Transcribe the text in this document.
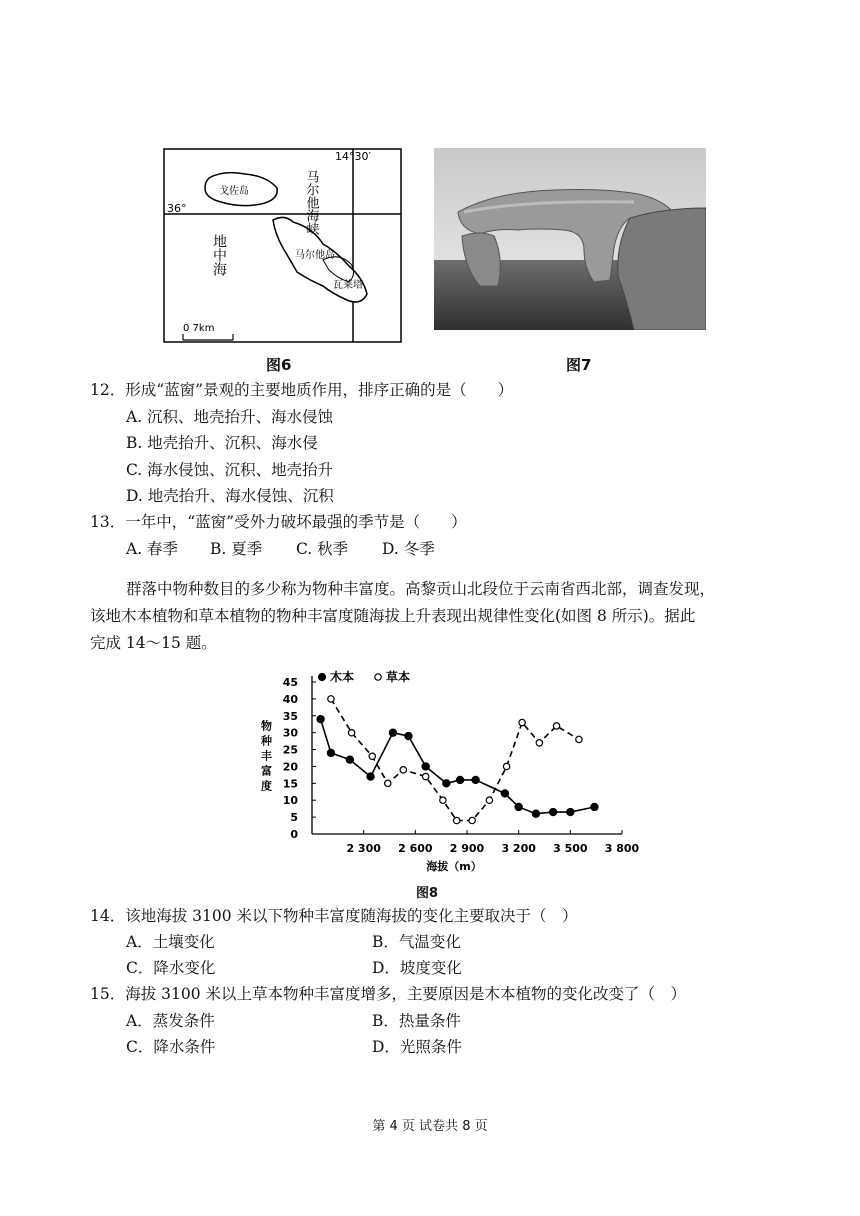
0 7km
14°30′
36°
戈佐岛
马尔他岛
瓦莱塔
地中海
马尔他海峡
图6	图7
12．形成“蓝窗”景观的主要地质作用，排序正确的是（　　）
A. 沉积、地壳抬升、海水侵蚀
B. 地壳抬升、沉积、海水侵
C. 海水侵蚀、沉积、地壳抬升
D. 地壳抬升、海水侵蚀、沉积
13．一年中，“蓝窗”受外力破坏最强的季节是（　　）
A. 春季 B. 夏季 C. 秋季 D. 冬季
群落中物种数目的多少称为物种丰富度。高黎贡山北段位于云南省西北部，调查发现，
该地木本植物和草本植物的物种丰富度随海拔上升表现出规律性变化(如图 8 所示)。据此
完成 14～15 题。
0
5
10
15
20
25
30
35
40
45
2 300 2 600 2 900 3 200 3 500 3 800
物种丰富度
海拔（m）
木本	草本
图8
14．该地海拔 3100 米以下物种丰富度随海拔的变化主要取决于（　）
A．土壤变化	B．气温变化
C．降水变化	D．坡度变化
15．海拔 3100 米以上草本物种丰富度增多，主要原因是木本植物的变化改变了（　）
A．蒸发条件	B．热量条件
C．降水条件	D．光照条件
第 4 页 试卷共 8 页
